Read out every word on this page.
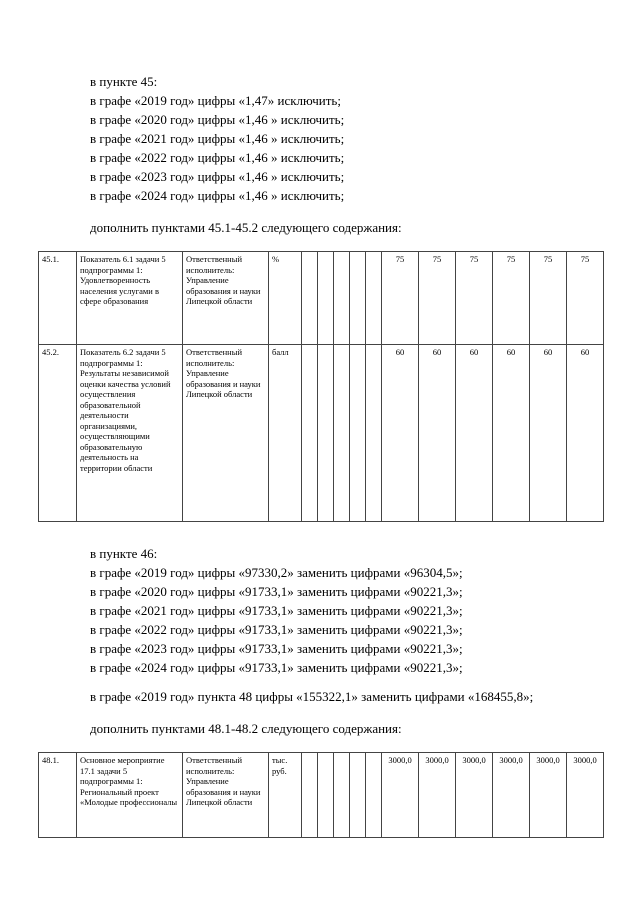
в пункте 45:

в графе «2019 год» цифры «1,47» исключить;

в графе «2020 год» цифры «1,46 » исключить;

в графе «2021 год» цифры «1,46 » исключить;

в графе «2022 год» цифры «1,46 » исключить;

в графе «2023 год» цифры «1,46 » исключить;

в графе «2024 год» цифры «1,46 » исключить;

дополнить пунктами 45.1-45.2 следующего содержания:

45.1.	Показатель 6.1 задачи 5 подпрограммы 1: Удовлетворенность населения услугами в сфере образования	Ответственный исполнитель: Управление образования и науки Липецкой области	%						75	75	75	75	75	75
45.2.	Показатель 6.2 задачи 5 подпрограммы 1: Результаты независимой оценки качества условий осуществления образовательной деятельности организациями, осуществляющими образовательную деятельность на территории области	Ответственный исполнитель: Управление образования и науки Липецкой области	балл						60	60	60	60	60	60

в пункте 46:

в графе «2019 год» цифры «97330,2» заменить цифрами «96304,5»;

в графе «2020 год» цифры «91733,1» заменить цифрами «90221,3»;

в графе «2021 год» цифры «91733,1» заменить цифрами «90221,3»;

в графе «2022 год» цифры «91733,1» заменить цифрами «90221,3»;

в графе «2023 год» цифры «91733,1» заменить цифрами «90221,3»;

в графе «2024 год» цифры «91733,1» заменить цифрами «90221,3»;

в графе «2019 год» пункта 48 цифры «155322,1» заменить цифрами «168455,8»;

дополнить пунктами 48.1-48.2 следующего содержания:

48.1.	Основное мероприятие 17.1 задачи 5 подпрограммы 1: Региональный проект «Молодые профессионалы	Ответственный исполнитель: Управление образования и науки Липецкой области	тыс. руб.						3000,0	3000,0	3000,0	3000,0	3000,0	3000,0
